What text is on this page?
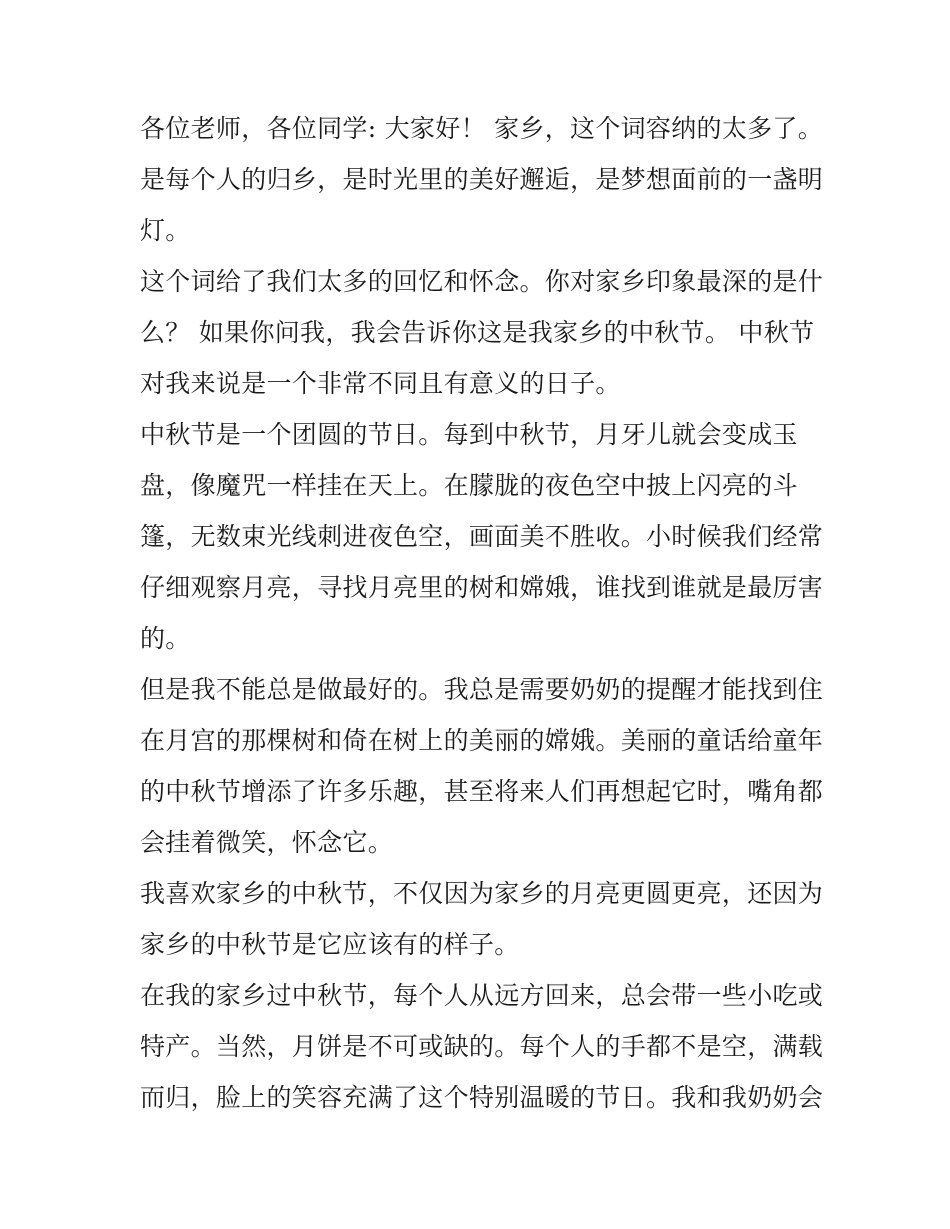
各位老师，各位同学: 大家好！ 家乡，这个词容纳的太多了。
是每个人的归乡，是时光里的美好邂逅，是梦想面前的一盏明
灯。
这个词给了我们太多的回忆和怀念。你对家乡印象最深的是什
么？ 如果你问我，我会告诉你这是我家乡的中秋节。 中秋节
对我来说是一个非常不同且有意义的日子。
中秋节是一个团圆的节日。每到中秋节，月牙儿就会变成玉
盘，像魔咒一样挂在天上。在朦胧的夜色空中披上闪亮的斗
篷，无数束光线刺进夜色空，画面美不胜收。小时候我们经常
仔细观察月亮，寻找月亮里的树和嫦娥，谁找到谁就是最厉害
的。
但是我不能总是做最好的。我总是需要奶奶的提醒才能找到住
在月宫的那棵树和倚在树上的美丽的嫦娥。美丽的童话给童年
的中秋节增添了许多乐趣，甚至将来人们再想起它时，嘴角都
会挂着微笑，怀念它。
我喜欢家乡的中秋节，不仅因为家乡的月亮更圆更亮，还因为
家乡的中秋节是它应该有的样子。
在我的家乡过中秋节，每个人从远方回来，总会带一些小吃或
特产。当然，月饼是不可或缺的。每个人的手都不是空，满载
而归，脸上的笑容充满了这个特别温暖的节日。我和我奶奶会
